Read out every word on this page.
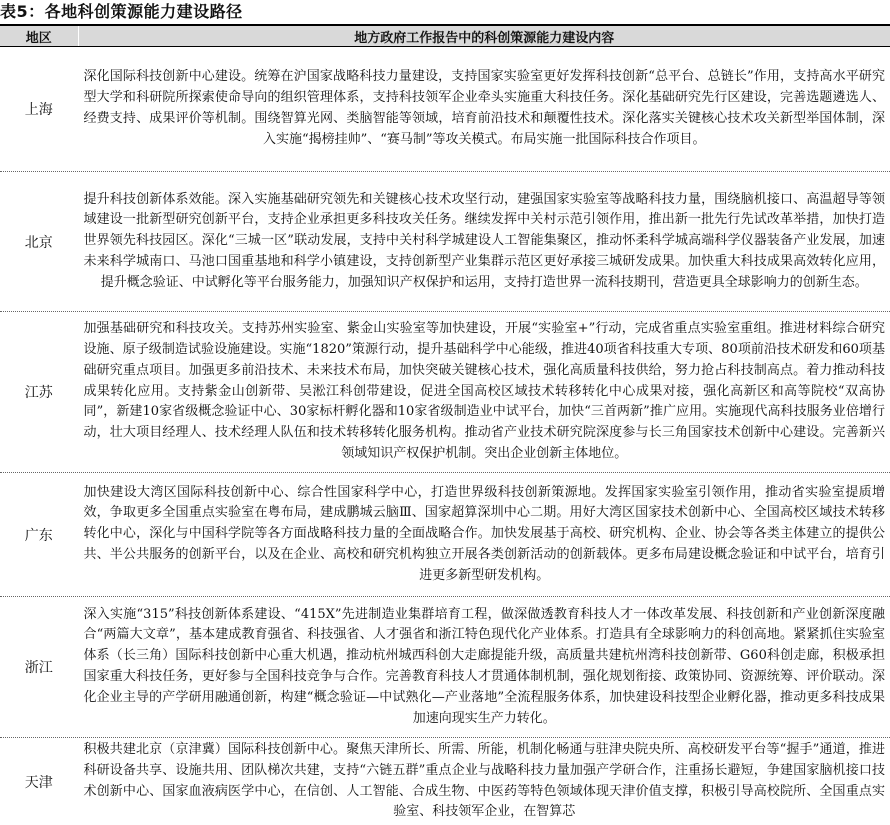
表5：各地科创策源能力建设路径
地区	地方政府工作报告中的科创策源能力建设内容
上海	深化国际科技创新中心建设。统筹在沪国家战略科技力量建设，支持国家实验室更好发挥科技创新“总平台、总链长”作用，支持高水平研究型大学和科研院所探索使命导向的组织管理体系，支持科技领军企业牵头实施重大科技任务。深化基础研究先行区建设，完善选题遴选人、经费支持、成果评价等机制。围绕智算光网、类脑智能等领域，培育前沿技术和颠覆性技术。深化落实关键核心技术攻关新型举国体制，深入实施“揭榜挂帅”、“赛马制”等攻关模式。布局实施一批国际科技合作项目。
北京	提升科技创新体系效能。深入实施基础研究领先和关键核心技术攻坚行动，建强国家实验室等战略科技力量，围绕脑机接口、高温超导等领域建设一批新型研究创新平台，支持企业承担更多科技攻关任务。继续发挥中关村示范引领作用，推出新一批先行先试改革举措，加快打造世界领先科技园区。深化“三城一区”联动发展，支持中关村科学城建设人工智能集聚区，推动怀柔科学城高端科学仪器装备产业发展，加速未来科学城南口、马池口国重基地和科学小镇建设，支持创新型产业集群示范区更好承接三城研发成果。加快重大科技成果高效转化应用，提升概念验证、中试孵化等平台服务能力，加强知识产权保护和运用，支持打造世界一流科技期刊，营造更具全球影响力的创新生态。
江苏	加强基础研究和科技攻关。支持苏州实验室、紫金山实验室等加快建设，开展“实验室+”行动，完成省重点实验室重组。推进材料综合研究设施、原子级制造试验设施建设。实施“1820”策源行动，提升基础科学中心能级，推进40项省科技重大专项、80项前沿技术研发和60项基础研究重点项目。加强更多前沿技术、未来技术布局，加快突破关键核心技术，强化高质量科技供给，努力抢占科技制高点。着力推动科技成果转化应用。支持紫金山创新带、吴淞江科创带建设，促进全国高校区域技术转移转化中心成果对接，强化高新区和高等院校“双高协同”，新建10家省级概念验证中心、30家标杆孵化器和10家省级制造业中试平台，加快“三首两新”推广应用。实施现代高科技服务业倍增行动，壮大项目经理人、技术经理人队伍和技术转移转化服务机构。推动省产业技术研究院深度参与长三角国家技术创新中心建设。完善新兴领域知识产权保护机制。突出企业创新主体地位。
广东	加快建设大湾区国际科技创新中心、综合性国家科学中心，打造世界级科技创新策源地。发挥国家实验室引领作用，推动省实验室提质增效，争取更多全国重点实验室在粤布局，建成鹏城云脑Ⅲ、国家超算深圳中心二期。用好大湾区国家技术创新中心、全国高校区域技术转移转化中心，深化与中国科学院等各方面战略科技力量的全面战略合作。加快发展基于高校、研究机构、企业、协会等各类主体建立的提供公共、半公共服务的创新平台，以及在企业、高校和研究机构独立开展各类创新活动的创新载体。更多布局建设概念验证和中试平台，培育引进更多新型研发机构。
浙江	深入实施“315”科技创新体系建设、“415X”先进制造业集群培育工程，做深做透教育科技人才一体改革发展、科技创新和产业创新深度融合“两篇大文章”，基本建成教育强省、科技强省、人才强省和浙江特色现代化产业体系。打造具有全球影响力的科创高地。紧紧抓住实验室体系（长三角）国际科技创新中心重大机遇，推动杭州城西科创大走廊提能升级，高质量共建杭州湾科技创新带、G60科创走廊，积极承担国家重大科技任务，更好参与全国科技竞争与合作。完善教育科技人才贯通体制机制，强化规划衔接、政策协同、资源统筹、评价联动。深化企业主导的产学研用融通创新，构建“概念验证—中试熟化—产业落地”全流程服务体系，加快建设科技型企业孵化器，推动更多科技成果加速向现实生产力转化。
天津	积极共建北京（京津冀）国际科技创新中心。聚焦天津所长、所需、所能，机制化畅通与驻津央院央所、高校研发平台等“握手”通道，推进科研设备共享、设施共用、团队梯次共建，支持“六链五群”重点企业与战略科技力量加强产学研合作，注重扬长避短，争建国家脑机接口技术创新中心、国家血液病医学中心，在信创、人工智能、合成生物、中医药等特色领域体现天津价值支撑，积极引导高校院所、全国重点实验室、科技领军企业，在智算芯
